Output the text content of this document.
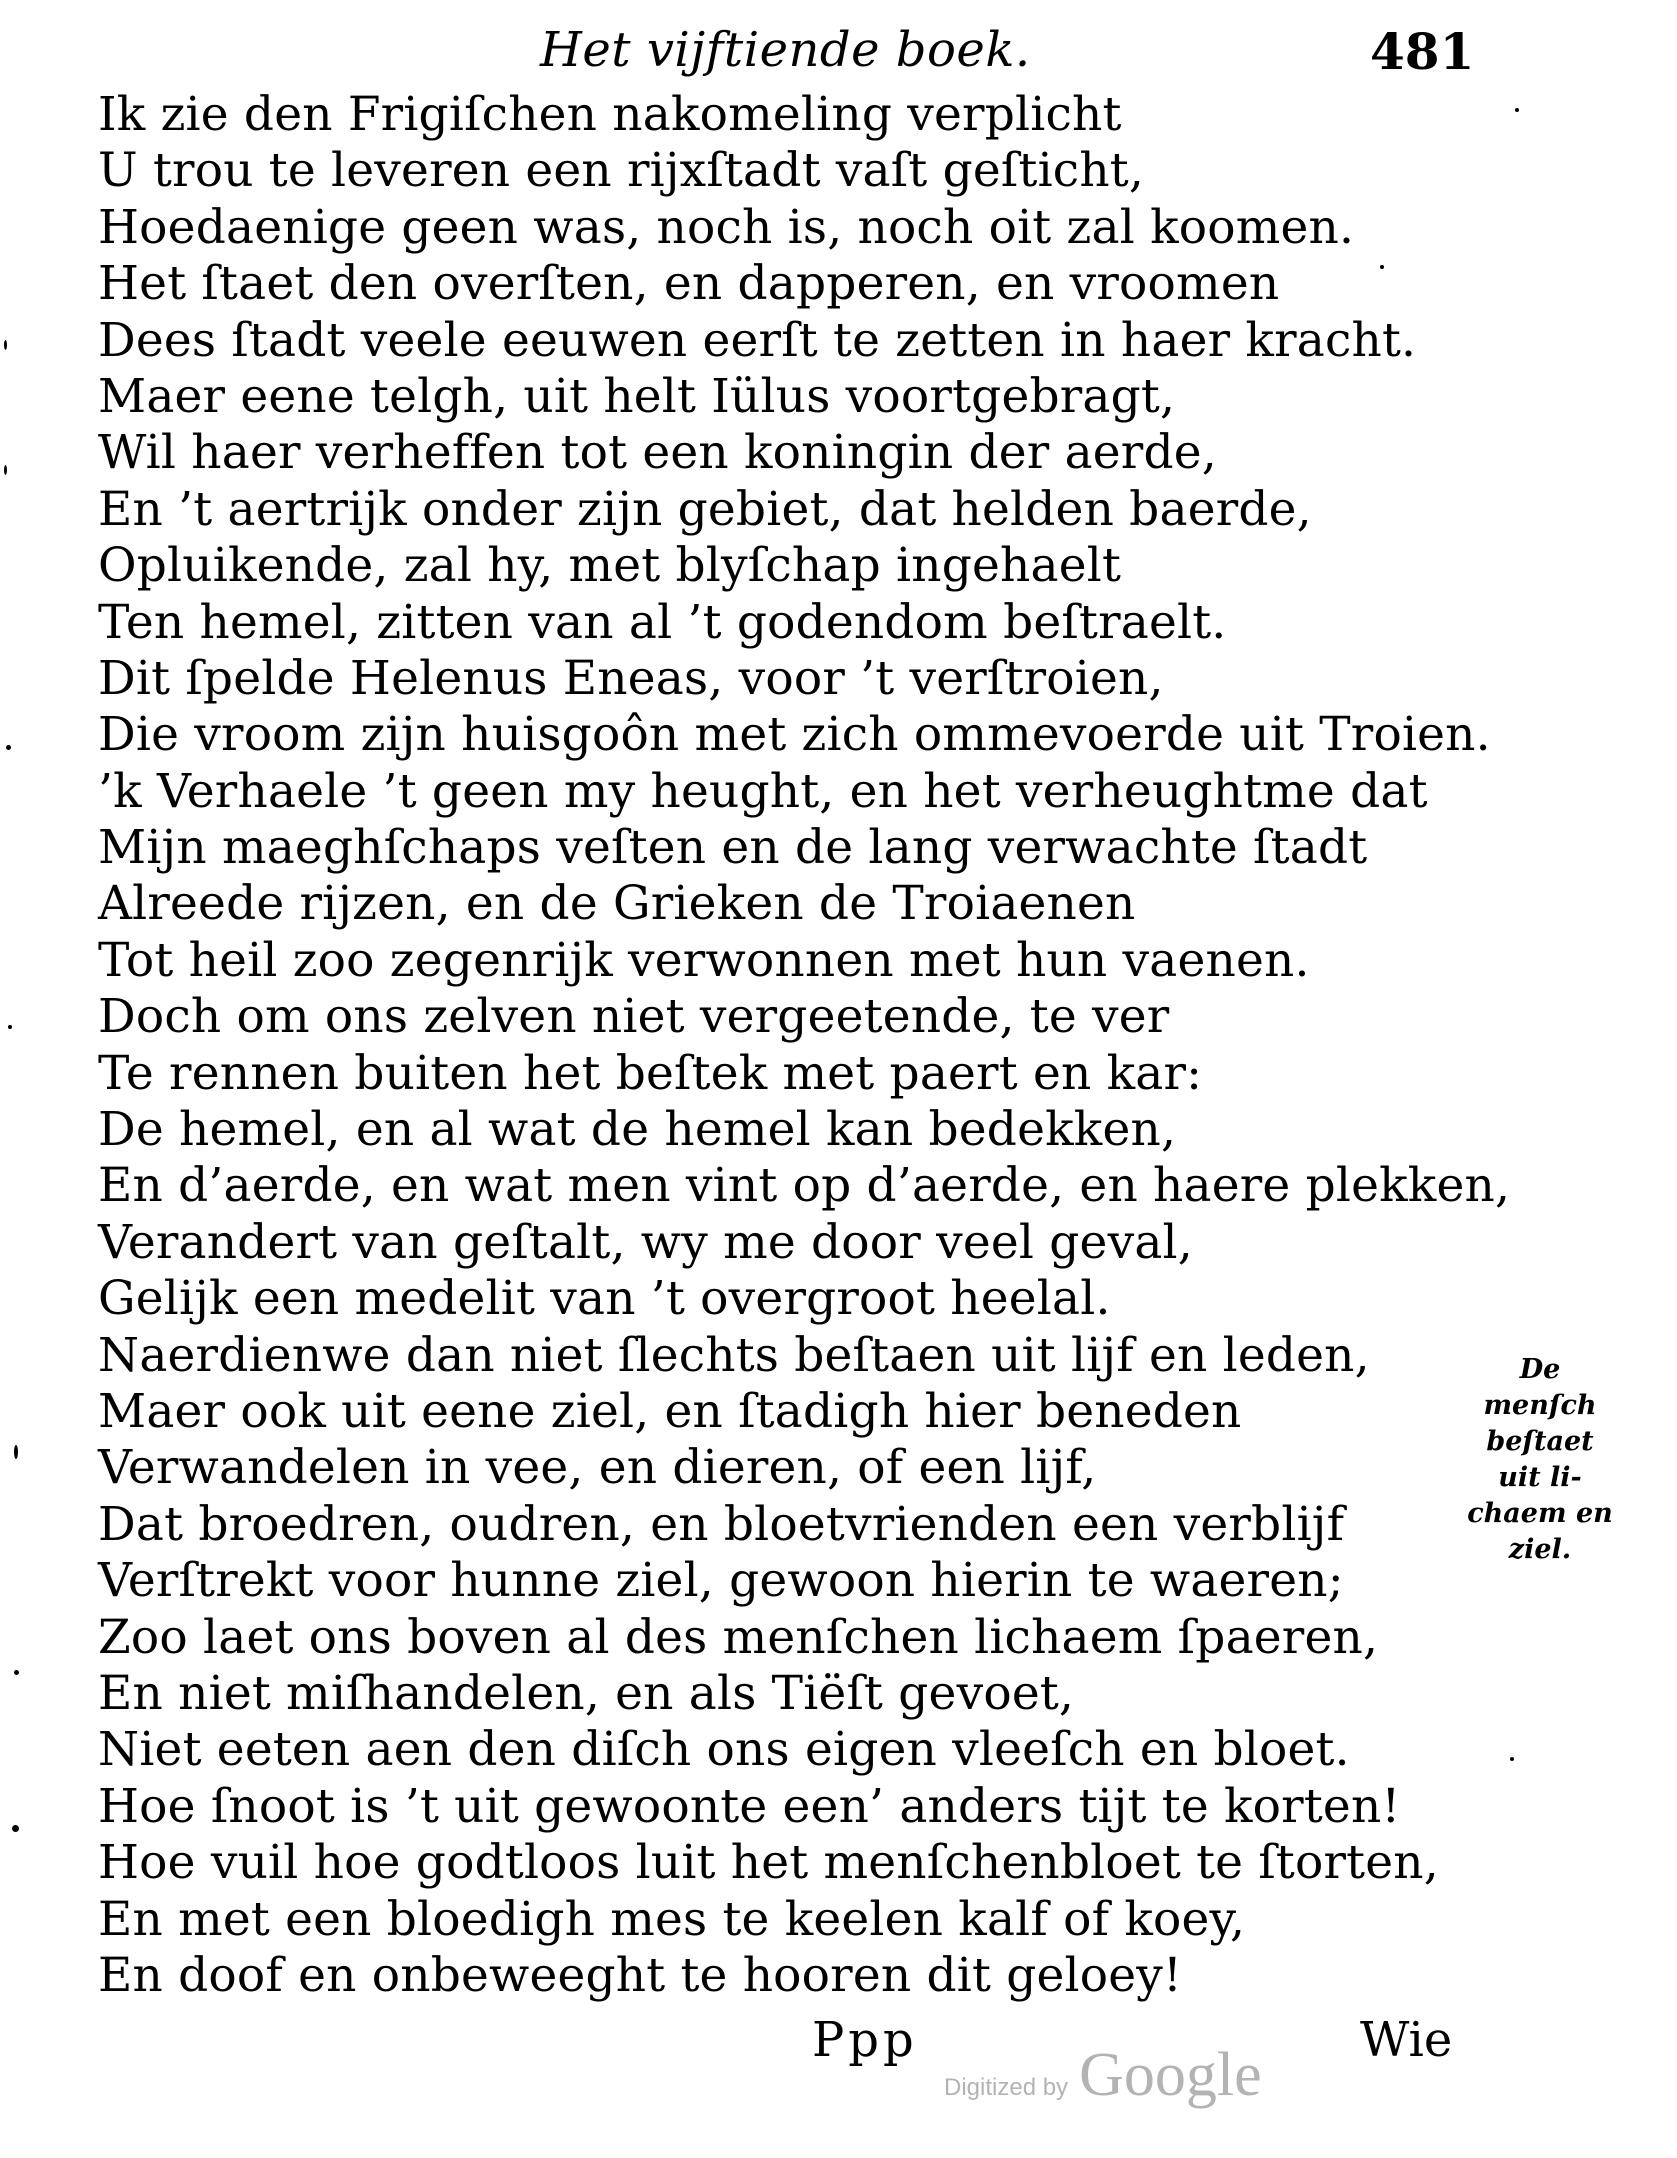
Het vijftiende boek.	481
Ik zie den Frigiſchen nakomeling verplicht
U trou te leveren een rijxſtadt vaſt geſticht,
Hoedaenige geen was, noch is, noch oit zal koomen.
Het ſtaet den overſten, en dapperen, en vroomen
Dees ſtadt veele eeuwen eerſt te zetten in haer kracht.
Maer eene telgh, uit helt Iülus voortgebragt,
Wil haer verheffen tot een koningin der aerde,
En ’t aertrijk onder zijn gebiet, dat helden baerde,
Opluikende, zal hy, met blyſchap ingehaelt
Ten hemel, zitten van al ’t godendom beſtraelt.
Dit ſpelde Helenus Eneas, voor ’t verſtroien,
Die vroom zijn huisgoôn met zich ommevoerde uit Troien.
’k Verhaele ’t geen my heught, en het verheughtme dat
Mijn maeghſchaps veſten en de lang verwachte ſtadt
Alreede rijzen, en de Grieken de Troiaenen
Tot heil zoo zegenrijk verwonnen met hun vaenen.
Doch om ons zelven niet vergeetende, te ver
Te rennen buiten het beſtek met paert en kar:
De hemel, en al wat de hemel kan bedekken,
En d’aerde, en wat men vint op d’aerde, en haere plekken,
Verandert van geſtalt, wy me door veel geval,
Gelijk een medelit van ’t overgroot heelal.
Naerdienwe dan niet ſlechts beſtaen uit lijf en leden,
Maer ook uit eene ziel, en ſtadigh hier beneden
Verwandelen in vee, en dieren, of een lijf,
Dat broedren, oudren, en bloetvrienden een verblijf
Verſtrekt voor hunne ziel, gewoon hierin te waeren;
Zoo laet ons boven al des menſchen lichaem ſpaeren,
En niet miſhandelen, en als Tiëſt gevoet,
Niet eeten aen den diſch ons eigen vleeſch en bloet.
Hoe ſnoot is ’t uit gewoonte een’ anders tijt te korten!
Hoe vuil hoe godtloos luit het menſchenbloet te ſtorten,
En met een bloedigh mes te keelen kalf of koey,
En doof en onbeweeght te hooren dit geloey!
De
menſch
beſtaet
uit li-
chaem en
ziel.
Ppp	Wie
Digitized by Google
